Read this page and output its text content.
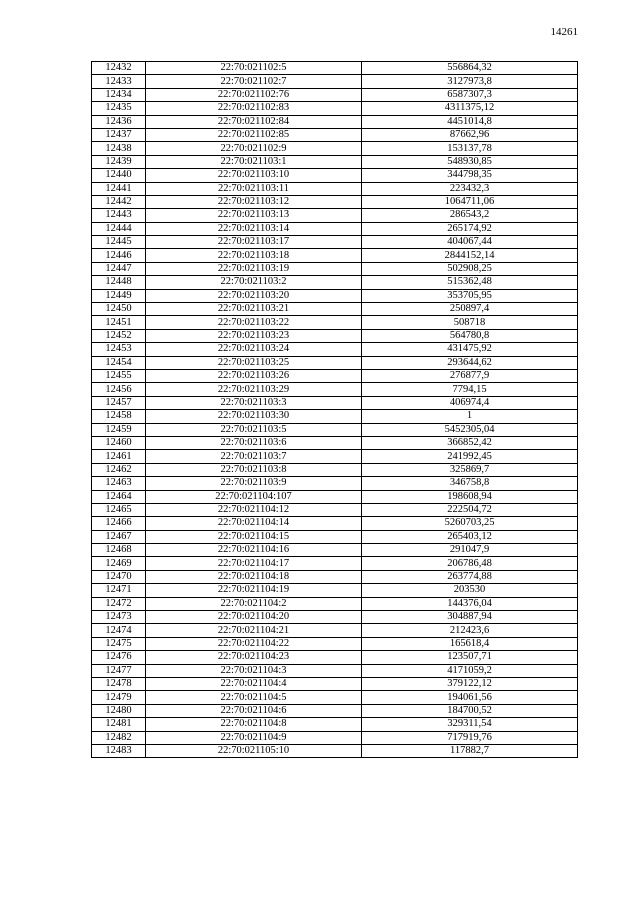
14261
12432	22:70:021102:5	556864,32
12433	22:70:021102:7	3127973,8
12434	22:70:021102:76	6587307,3
12435	22:70:021102:83	4311375,12
12436	22:70:021102:84	4451014,8
12437	22:70:021102:85	87662,96
12438	22:70:021102:9	153137,78
12439	22:70:021103:1	548930,85
12440	22:70:021103:10	344798,35
12441	22:70:021103:11	223432,3
12442	22:70:021103:12	1064711,06
12443	22:70:021103:13	286543,2
12444	22:70:021103:14	265174,92
12445	22:70:021103:17	404067,44
12446	22:70:021103:18	2844152,14
12447	22:70:021103:19	502908,25
12448	22:70:021103:2	515362,48
12449	22:70:021103:20	353705,95
12450	22:70:021103:21	250897,4
12451	22:70:021103:22	508718
12452	22:70:021103:23	564780,8
12453	22:70:021103:24	431475,92
12454	22:70:021103:25	293644,62
12455	22:70:021103:26	276877,9
12456	22:70:021103:29	7794,15
12457	22:70:021103:3	406974,4
12458	22:70:021103:30	1
12459	22:70:021103:5	5452305,04
12460	22:70:021103:6	366852,42
12461	22:70:021103:7	241992,45
12462	22:70:021103:8	325869,7
12463	22:70:021103:9	346758,8
12464	22:70:021104:107	198608,94
12465	22:70:021104:12	222504,72
12466	22:70:021104:14	5260703,25
12467	22:70:021104:15	265403,12
12468	22:70:021104:16	291047,9
12469	22:70:021104:17	206786,48
12470	22:70:021104:18	263774,88
12471	22:70:021104:19	203530
12472	22:70:021104:2	144376,04
12473	22:70:021104:20	304887,94
12474	22:70:021104:21	212423,6
12475	22:70:021104:22	165618,4
12476	22:70:021104:23	123507,71
12477	22:70:021104:3	4171059,2
12478	22:70:021104:4	379122,12
12479	22:70:021104:5	194061,56
12480	22:70:021104:6	184700,52
12481	22:70:021104:8	329311,54
12482	22:70:021104:9	717919,76
12483	22:70:021105:10	117882,7
